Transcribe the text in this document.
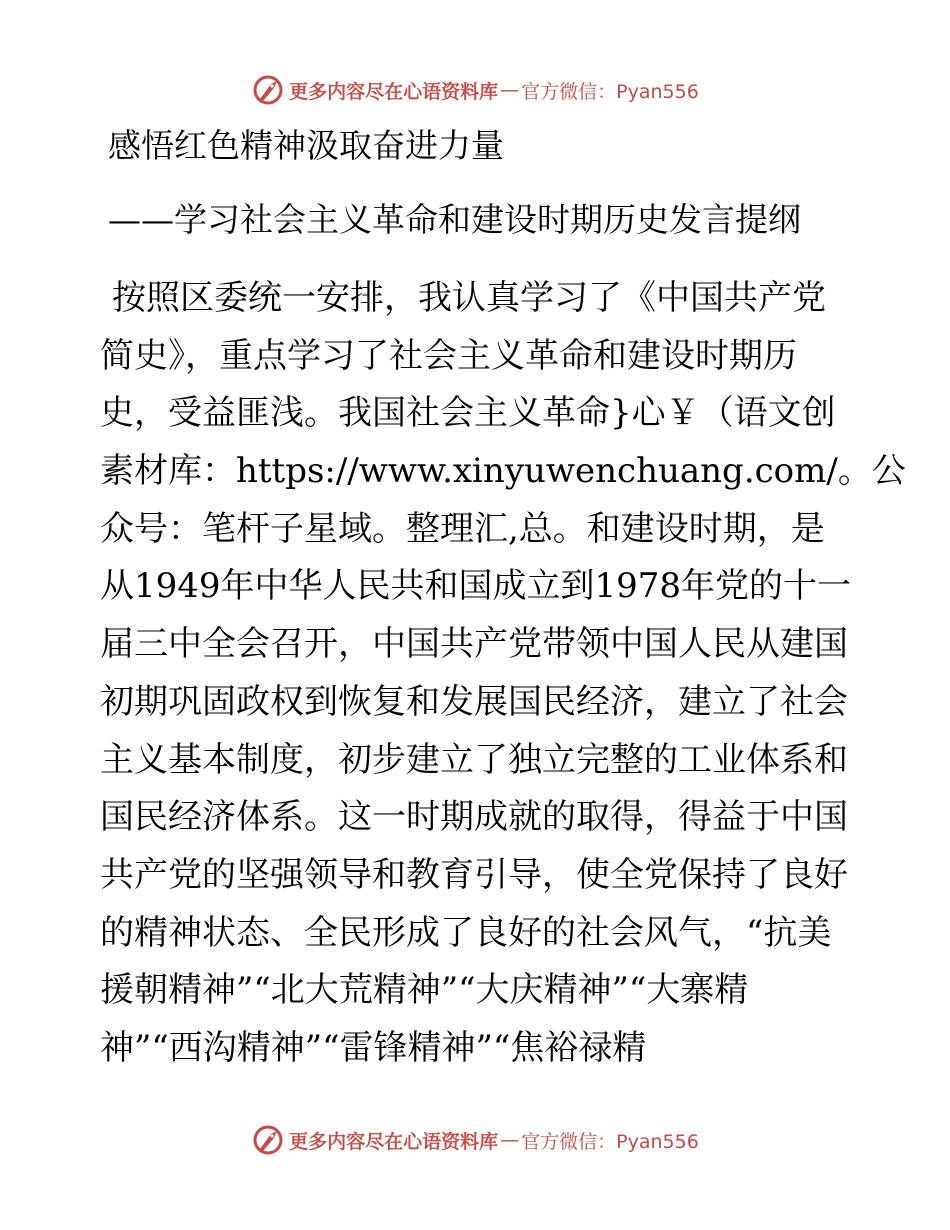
更多内容尽在心语资料库 — 官方微信：Pyan556
感悟红色精神汲取奋进力量
——学习社会主义革命和建设时期历史发言提纲
按照区委统一安排，我认真学习了《中国共产党
简史》，重点学习了社会主义革命和建设时期历
史，受益匪浅。我国社会主义革命}心￥（语文创
素材库：https://www.xinyuwenchuang.com/。公
众号：笔杆子星域。整理汇,总。和建设时期，是
从1949年中华人民共和国成立到1978年党的十一
届三中全会召开，中国共产党带领中国人民从建国
初期巩固政权到恢复和发展国民经济，建立了社会
主义基本制度，初步建立了独立完整的工业体系和
国民经济体系。这一时期成就的取得，得益于中国
共产党的坚强领导和教育引导，使全党保持了良好
的精神状态、全民形成了良好的社会风气，“抗美
援朝精神”“北大荒精神”“大庆精神”“大寨精
神”“西沟精神”“雷锋精神”“焦裕禄精
更多内容尽在心语资料库 — 官方微信：Pyan556
